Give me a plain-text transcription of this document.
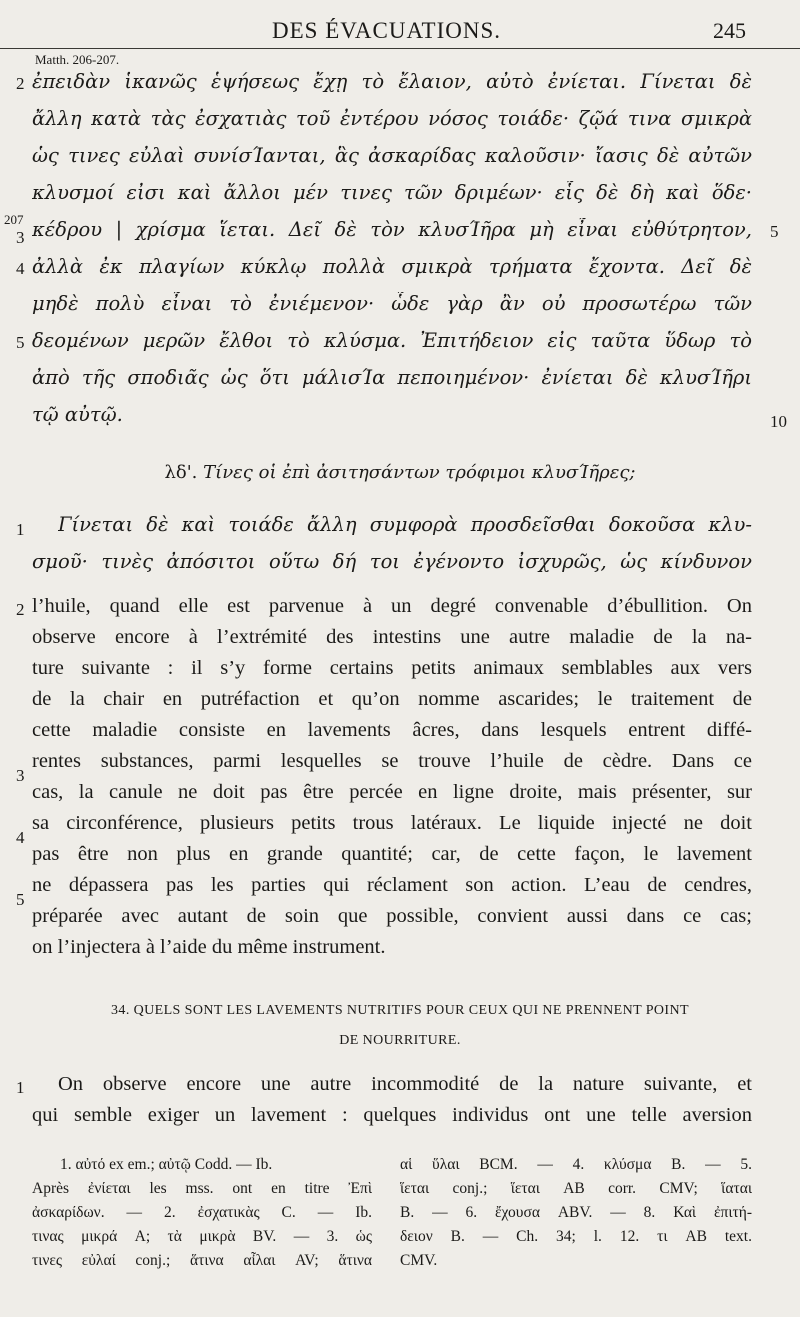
DES ÉVACUATIONS.	245
Matth. 206-207.
ἐπειδὰν ἱκανῶς ἑψήσεως ἔχῃ τὸ ἔλαιον, αὐτὸ ἐνίεται. Γίνεται δὲ
ἄλλη κατὰ τὰς ἐσχατιὰς τοῦ ἐντέρου νόσος τοιάδε· ζῷά τινα σμικρὰ
ὡς τινες εὐλαὶ συνίσΊανται, ἃς ἀσκαρίδας καλοῦσιν· ἴασις δὲ αὐτῶν
κλυσμοί εἰσι καὶ ἄλλοι μέν τινες τῶν δριμέων· εἷς δὲ δὴ καὶ ὅδε·
κέδρου | χρίσμα ἵεται. Δεῖ δὲ τὸν κλυσΊῆρα μὴ εἶναι εὐθύτρητον,
ἀλλὰ ἐκ πλαγίων κύκλῳ πολλὰ σμικρὰ τρήματα ἔχοντα. Δεῖ δὲ
μηδὲ πολὺ εἶναι τὸ ἐνιέμενον· ὧδε γὰρ ἂν οὐ προσωτέρω τῶν
δεομένων μερῶν ἔλθοι τὸ κλύσμα. Ἐπιτήδειον εἰς ταῦτα ὕδωρ τὸ
ἀπὸ τῆς σποδιᾶς ὡς ὅτι μάλισΊα πεποιημένον· ἐνίεται δὲ κλυσΊῆρι
τῷ αὐτῷ.
2
207
3
4
5
5
10
λδ'. Τίνες οἱ ἐπὶ ἀσιτησάντων τρόφιμοι κλυσΊῆρες;
Γίνεται δὲ καὶ τοιάδε ἄλλη συμφορὰ προσδεῖσθαι δοκοῦσα κλυ-
σμοῦ· τινὲς ἀπόσιτοι οὕτω δή τοι ἐγένοντο ἰσχυρῶς, ὡς κίνδυνον
1
l’huile, quand elle est parvenue à un degré convenable d’ébullition. On
observe encore à l’extrémité des intestins une autre maladie de la na-
ture suivante : il s’y forme certains petits animaux semblables aux vers
de la chair en putréfaction et qu’on nomme ascarides; le traitement de
cette maladie consiste en lavements âcres, dans lesquels entrent diffé-
rentes substances, parmi lesquelles se trouve l’huile de cèdre. Dans ce
cas, la canule ne doit pas être percée en ligne droite, mais présenter, sur
sa circonférence, plusieurs petits trous latéraux. Le liquide injecté ne doit
pas être non plus en grande quantité; car, de cette façon, le lavement
ne dépassera pas les parties qui réclament son action. L’eau de cendres,
préparée avec autant de soin que possible, convient aussi dans ce cas;
on l’injectera à l’aide du même instrument.
2
3
4
5
34. QUELS SONT LES LAVEMENTS NUTRITIFS POUR CEUX QUI NE PRENNENT POINT
DE NOURRITURE.
On observe encore une autre incommodité de la nature suivante, et
qui semble exiger un lavement : quelques individus ont une telle aversion
1
1. αὐτό ex em.; αὐτῷ Codd. — Ib.
Après ἐνίεται les mss. ont en titre Ἐπὶ
ἀσκαρίδων. — 2. ἐσχατικὰς C. — Ib.
τινας μικρά A; τὰ μικρὰ BV. — 3. ὡς
τινες εὐλαί conj.; ἅτινα αἶλαι AV; ἅτινα
αἱ ὕλαι BCM. — 4. κλύσμα B. — 5.
ἵεται conj.; ἵεται AB corr. CMV; ἵαται
B. — 6. ἔχουσα ABV. — 8. Καὶ ἐπιτή-
δειον B. — Ch. 34; l. 12. τι AB text.
CMV.
